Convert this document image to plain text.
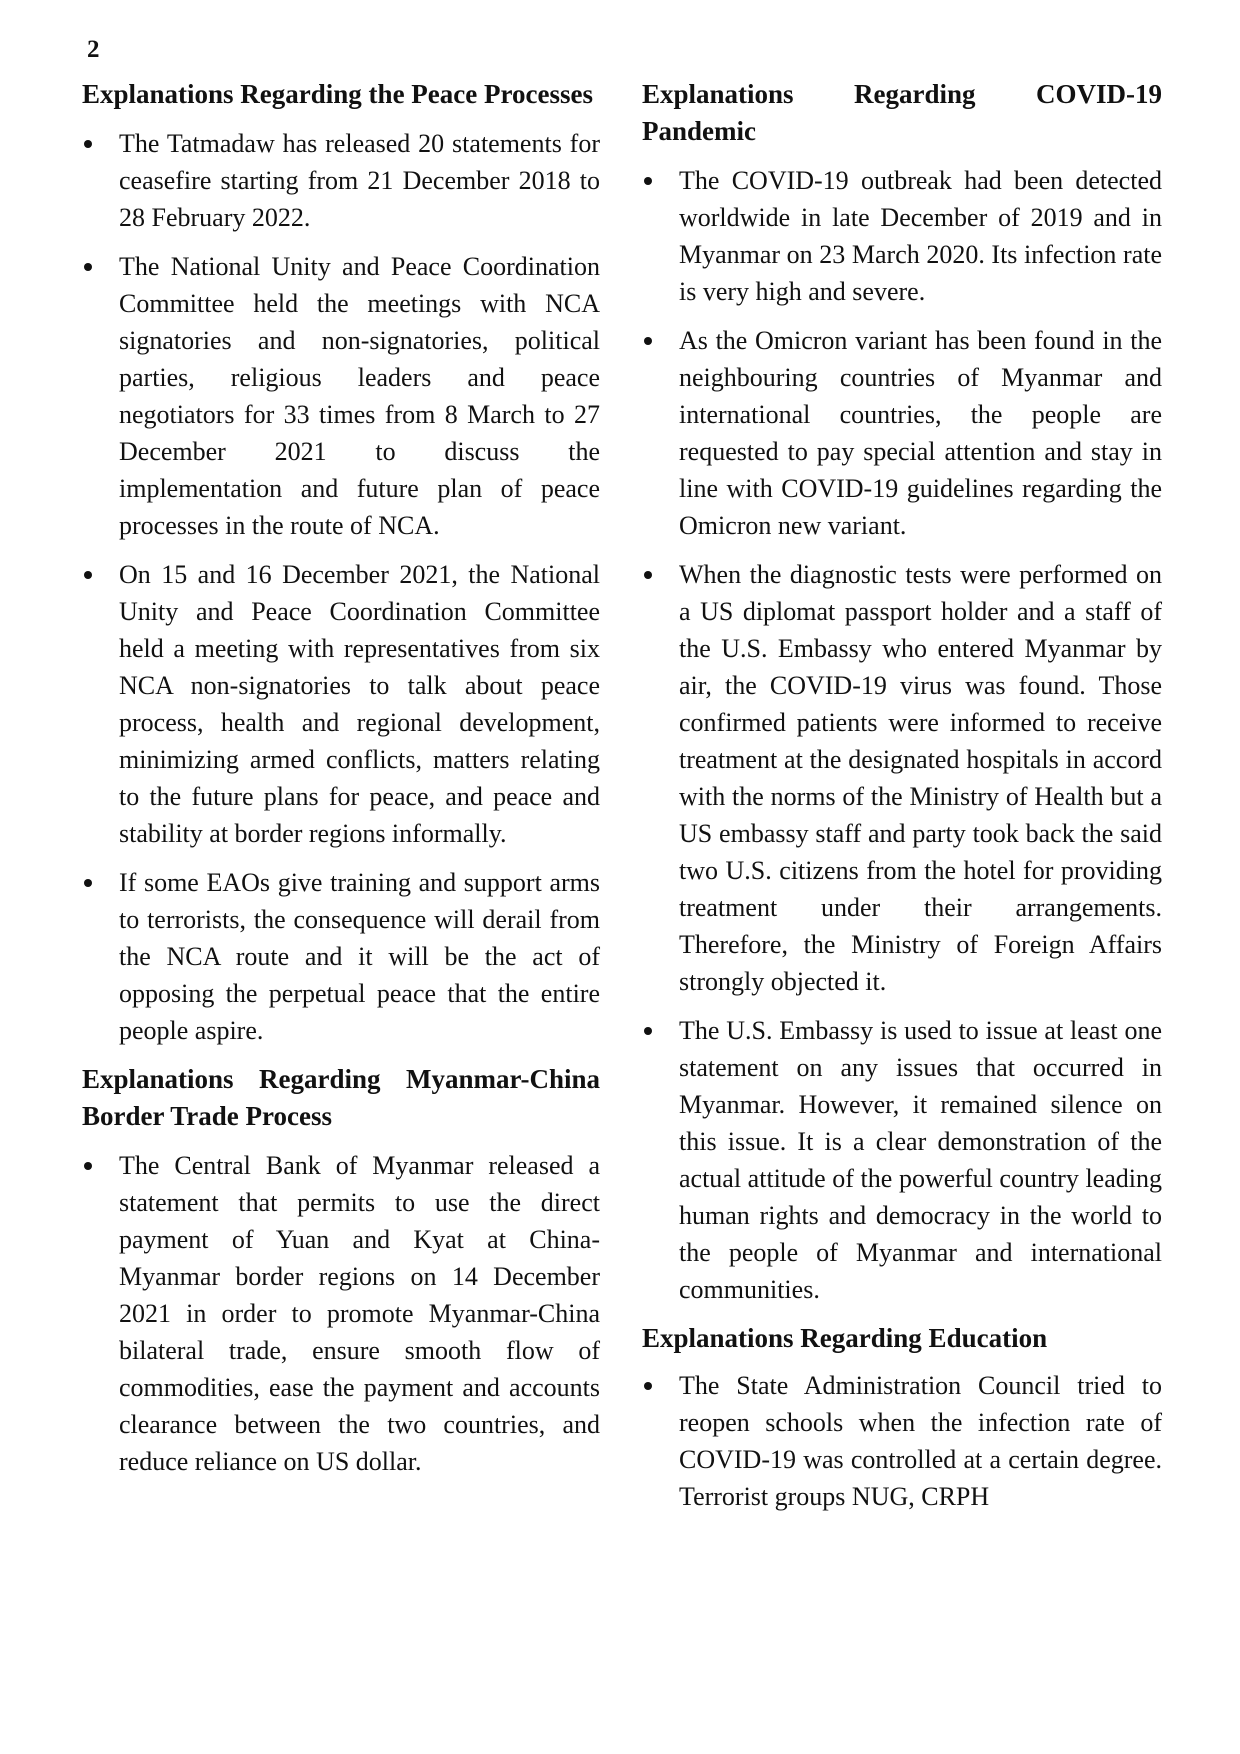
2
Explanations Regarding the Peace Processes
The Tatmadaw has released 20 statements for ceasefire starting from 21 December 2018 to 28 February 2022.
The National Unity and Peace Coordination Committee held the meetings with NCA signatories and non-signatories, political parties, religious leaders and peace negotiators for 33 times from 8 March to 27 December 2021 to discuss the implementation and future plan of peace processes in the route of NCA.
On 15 and 16 December 2021, the National Unity and Peace Coordination Committee held a meeting with representatives from six NCA non-signatories to talk about peace process, health and regional development, minimizing armed conflicts, matters relating to the future plans for peace, and peace and stability at border regions informally.
If some EAOs give training and support arms to terrorists, the consequence will derail from the NCA route and it will be the act of opposing the perpetual peace that the entire people aspire.
Explanations Regarding Myanmar-China Border Trade Process
The Central Bank of Myanmar released a statement that permits to use the direct payment of Yuan and Kyat at China-Myanmar border regions on 14 December 2021 in order to promote Myanmar-China bilateral trade, ensure smooth flow of commodities, ease the payment and accounts clearance between the two countries, and reduce reliance on US dollar.
Explanations Regarding COVID-19 Pandemic
The COVID-19 outbreak had been detected worldwide in late December of 2019 and in Myanmar on 23 March 2020. Its infection rate is very high and severe.
As the Omicron variant has been found in the neighbouring countries of Myanmar and international countries, the people are requested to pay special attention and stay in line with COVID-19 guidelines regarding the Omicron new variant.
When the diagnostic tests were performed on a US diplomat passport holder and a staff of the U.S. Embassy who entered Myanmar by air, the COVID-19 virus was found. Those confirmed patients were informed to receive treatment at the designated hospitals in accord with the norms of the Ministry of Health but a US embassy staff and party took back the said two U.S. citizens from the hotel for providing treatment under their arrangements. Therefore, the Ministry of Foreign Affairs strongly objected it.
The U.S. Embassy is used to issue at least one statement on any issues that occurred in Myanmar. However, it remained silence on this issue. It is a clear demonstration of the actual attitude of the powerful country leading human rights and democracy in the world to the people of Myanmar and international communities.
Explanations Regarding Education
The State Administration Council tried to reopen schools when the infection rate of COVID-19 was controlled at a certain degree. Terrorist groups NUG, CRPH
